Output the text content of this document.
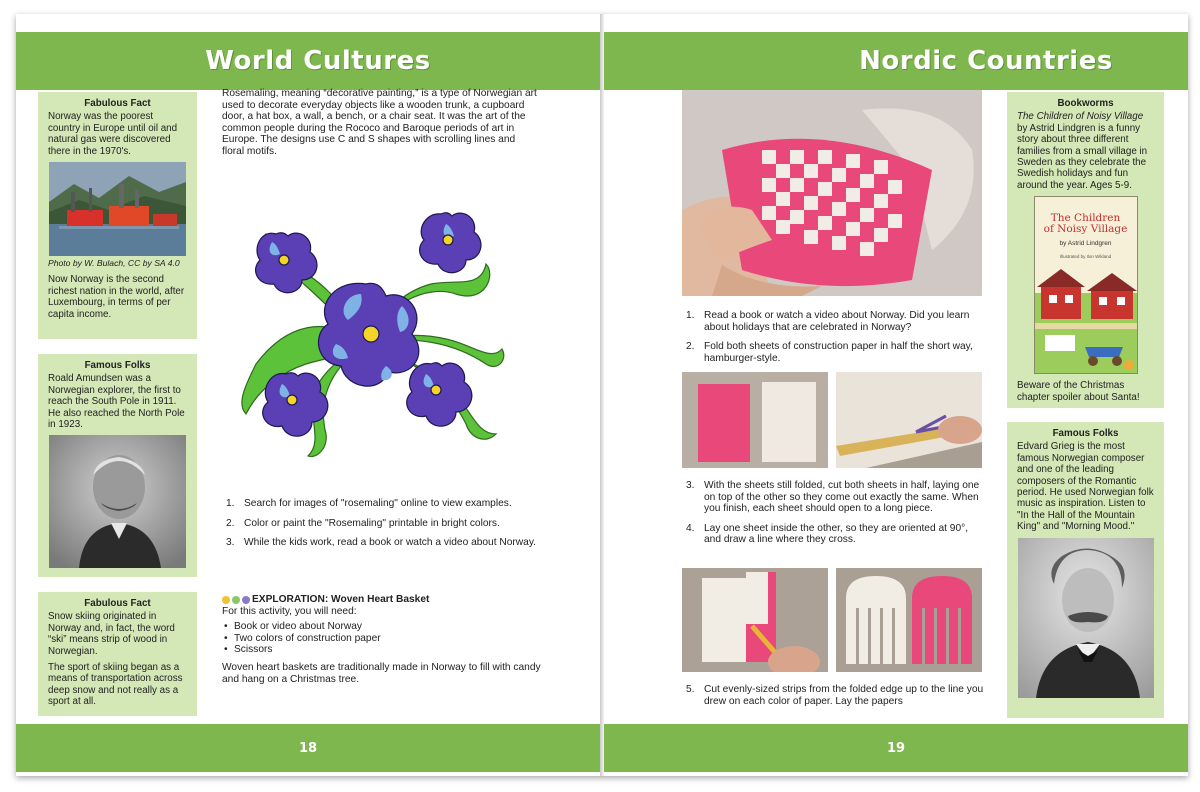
World Cultures
Fabulous Fact

Norway was the poorest country in Europe until oil and natural gas were discovered there in the 1970's.

Photo by W. Bulach, CC by SA 4.0

Now Norway is the second richest nation in the world, after Luxembourg, in terms of per capita income.

Famous Folks

Roald Amundsen was a Norwegian explorer, the first to reach the South Pole in 1911. He also reached the North Pole in 1923.

Fabulous Fact

Snow skiing originated in Norway and, in fact, the word “ski” means strip of wood in Norwegian.

The sport of skiing began as a means of transportation across deep snow and not really as a sport at all.

Rosemaling, meaning “decorative painting,” is a type of Norwegian art used to decorate everyday objects like a wooden trunk, a cupboard door, a hat box, a wall, a bench, or a chair seat. It was the art of the common people during the Rococo and Baroque periods of art in Europe. The designs use C and S shapes with scrolling lines and floral motifs.

1. Search for images of "rosemaling" online to view examples.
2. Color or paint the "Rosemaling" printable in bright colors.
3. While the kids work, read a book or watch a video about Norway.
EXPLORATION: Woven Heart Basket

For this activity, you will need:

• Book or video about Norway
• Two colors of construction paper
• Scissors

Woven heart baskets are traditionally made in Norway to fill with candy and hang on a Christmas tree.

18
Nordic Countries
1. Read a book or watch a video about Norway. Did you learn about holidays that are celebrated in Norway?
2. Fold both sheets of construction paper in half the short way, hamburger-style.
3. With the sheets still folded, cut both sheets in half, laying one on top of the other so they come out exactly the same. When you finish, each sheet should open to a long piece.
4. Lay one sheet inside the other, so they are oriented at 90°, and draw a line where they cross.
5. Cut evenly-sized strips from the folded edge up to the line you drew on each color of paper. Lay the papers
Bookworms

The Children of Noisy Village by Astrid Lindgren is a funny story about three different families from a small village in Sweden as they celebrate the Swedish holidays and fun around the year. Ages 5-9.

The Children
of Noisy Village
by Astrid Lindgren
Illustrated by Ilon Wikland

Beware of the Christmas chapter spoiler about Santa!

Famous Folks

Edvard Grieg is the most famous Norwegian composer and one of the leading composers of the Romantic period. He used Norwegian folk music as inspiration. Listen to "In the Hall of the Mountain King" and "Morning Mood."

19
